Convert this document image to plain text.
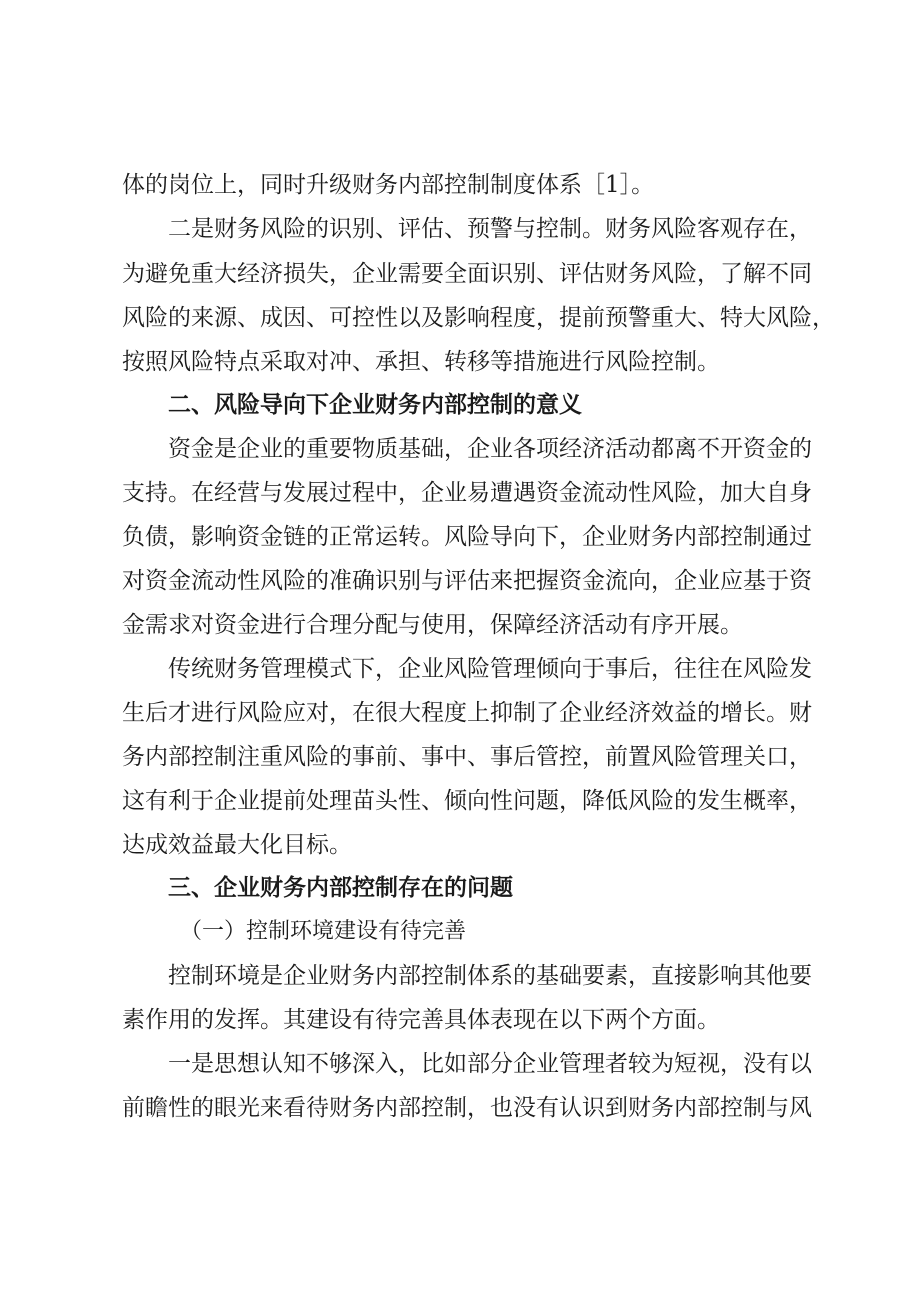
体的岗位上，同时升级财务内部控制制度体系［1］。
二是财务风险的识别、评估、预警与控制。财务风险客观存在，
为避免重大经济损失，企业需要全面识别、评估财务风险，了解不同
风险的来源、成因、可控性以及影响程度，提前预警重大、特大风险，
按照风险特点采取对冲、承担、转移等措施进行风险控制。
二、风险导向下企业财务内部控制的意义
资金是企业的重要物质基础，企业各项经济活动都离不开资金的
支持。在经营与发展过程中，企业易遭遇资金流动性风险，加大自身
负债，影响资金链的正常运转。风险导向下，企业财务内部控制通过
对资金流动性风险的准确识别与评估来把握资金流向，企业应基于资
金需求对资金进行合理分配与使用，保障经济活动有序开展。
传统财务管理模式下，企业风险管理倾向于事后，往往在风险发
生后才进行风险应对，在很大程度上抑制了企业经济效益的增长。财
务内部控制注重风险的事前、事中、事后管控，前置风险管理关口，
这有利于企业提前处理苗头性、倾向性问题，降低风险的发生概率，
达成效益最大化目标。
三、企业财务内部控制存在的问题
（一）控制环境建设有待完善
控制环境是企业财务内部控制体系的基础要素，直接影响其他要
素作用的发挥。其建设有待完善具体表现在以下两个方面。
一是思想认知不够深入，比如部分企业管理者较为短视，没有以
前瞻性的眼光来看待财务内部控制，也没有认识到财务内部控制与风
